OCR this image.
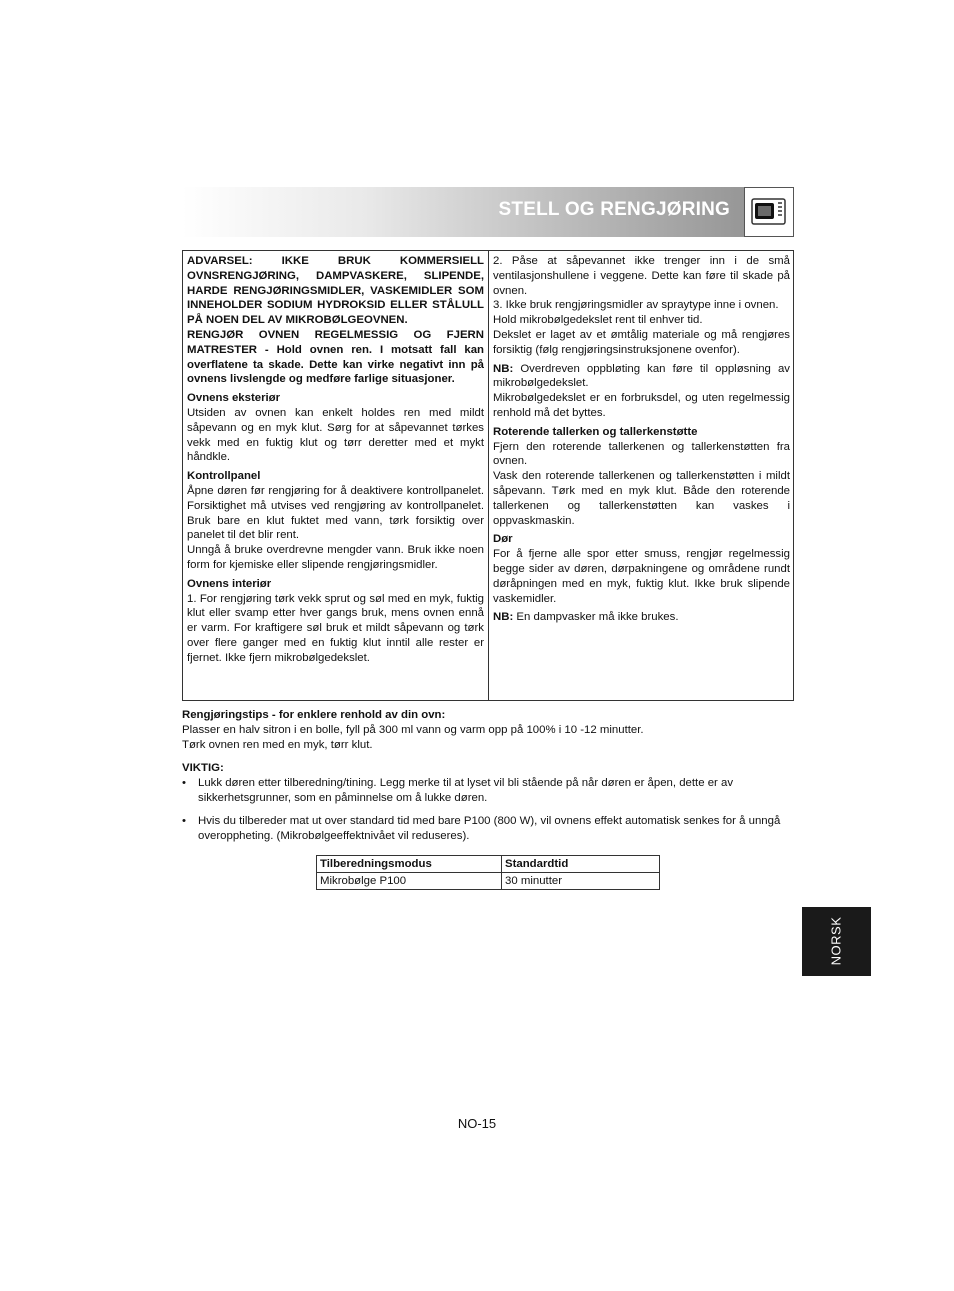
STELL OG RENGJØRING

ADVARSEL: IKKE BRUK KOMMERSIELL OVNSRENGJØRING, DAMPVASKERE, SLIPENDE, HARDE RENGJØRINGSMIDLER, VASKEMIDLER SOM INNEHOLDER SODIUM HYDROKSID ELLER STÅLULL PÅ NOEN DEL AV MIKROBØLGEOVNEN.

RENGJØR OVNEN REGELMESSIG OG FJERN MATRESTER - Hold ovnen ren. I motsatt fall kan overflatene ta skade. Dette kan virke negativt inn på ovnens livslengde og medføre farlige situasjoner.

Ovnens eksteriør

Utsiden av ovnen kan enkelt holdes ren med mildt såpevann og en myk klut. Sørg for at såpevannet tørkes vekk med en fuktig klut og tørr deretter med et mykt håndkle.

Kontrollpanel

Åpne døren før rengjøring for å deaktivere kontrollpanelet. Forsiktighet må utvises ved rengjøring av kontrollpanelet. Bruk bare en klut fuktet med vann, tørk forsiktig over panelet til det blir rent.

Unngå å bruke overdrevne mengder vann. Bruk ikke noen form for kjemiske eller slipende rengjøringsmidler.

Ovnens interiør

1. For rengjøring tørk vekk sprut og søl med en myk, fuktig klut eller svamp etter hver gangs bruk, mens ovnen ennå er varm. For kraftigere søl bruk et mildt såpevann og tørk over flere ganger med en fuktig klut inntil alle rester er fjernet. Ikke fjern mikrobølgedekslet.

2. Påse at såpevannet ikke trenger inn i de små ventilasjonshullene i veggene. Dette kan føre til skade på ovnen.

3. Ikke bruk rengjøringsmidler av spraytype inne i ovnen.

Hold mikrobølgedekslet rent til enhver tid.

Dekslet er laget av et ømtålig materiale og må rengjøres forsiktig (følg rengjøringsinstruksjonene ovenfor).

NB: Overdreven oppbløting kan føre til oppløsning av mikrobølgedekslet.

Mikrobølgedekslet er en forbruksdel, og uten regelmessig renhold må det byttes.

Roterende tallerken og tallerkenstøtte

Fjern den roterende tallerkenen og tallerkenstøtten fra ovnen.

Vask den roterende tallerkenen og tallerkenstøtten i mildt såpevann. Tørk med en myk klut. Både den roterende tallerkenen og tallerkenstøtten kan vaskes i oppvaskmaskin.

Dør

For å fjerne alle spor etter smuss, rengjør regelmessig begge sider av døren, dørpakningene og områdene rundt døråpningen med en myk, fuktig klut. Ikke bruk slipende vaskemidler.

NB: En dampvasker må ikke brukes.

Rengjøringstips - for enklere renhold av din ovn:

Plasser en halv sitron i en bolle, fyll på 300 ml vann og varm opp på 100% i 10 -12 minutter.

Tørk ovnen ren med en myk, tørr klut.

VIKTIG:

• Lukk døren etter tilberedning/tining. Legg merke til at lyset vil bli stående på når døren er åpen, dette er av sikkerhetsgrunner, som en påminnelse om å lukke døren.

• Hvis du tilbereder mat ut over standard tid med bare P100 (800 W), vil ovnens effekt automatisk senkes for å unngå overoppheting. (Mikrobølgeeffektnivået vil reduseres).

Tilberedningsmodus	Standardtid
Mikrobølge P100	30 minutter
NO-15
NORSK
